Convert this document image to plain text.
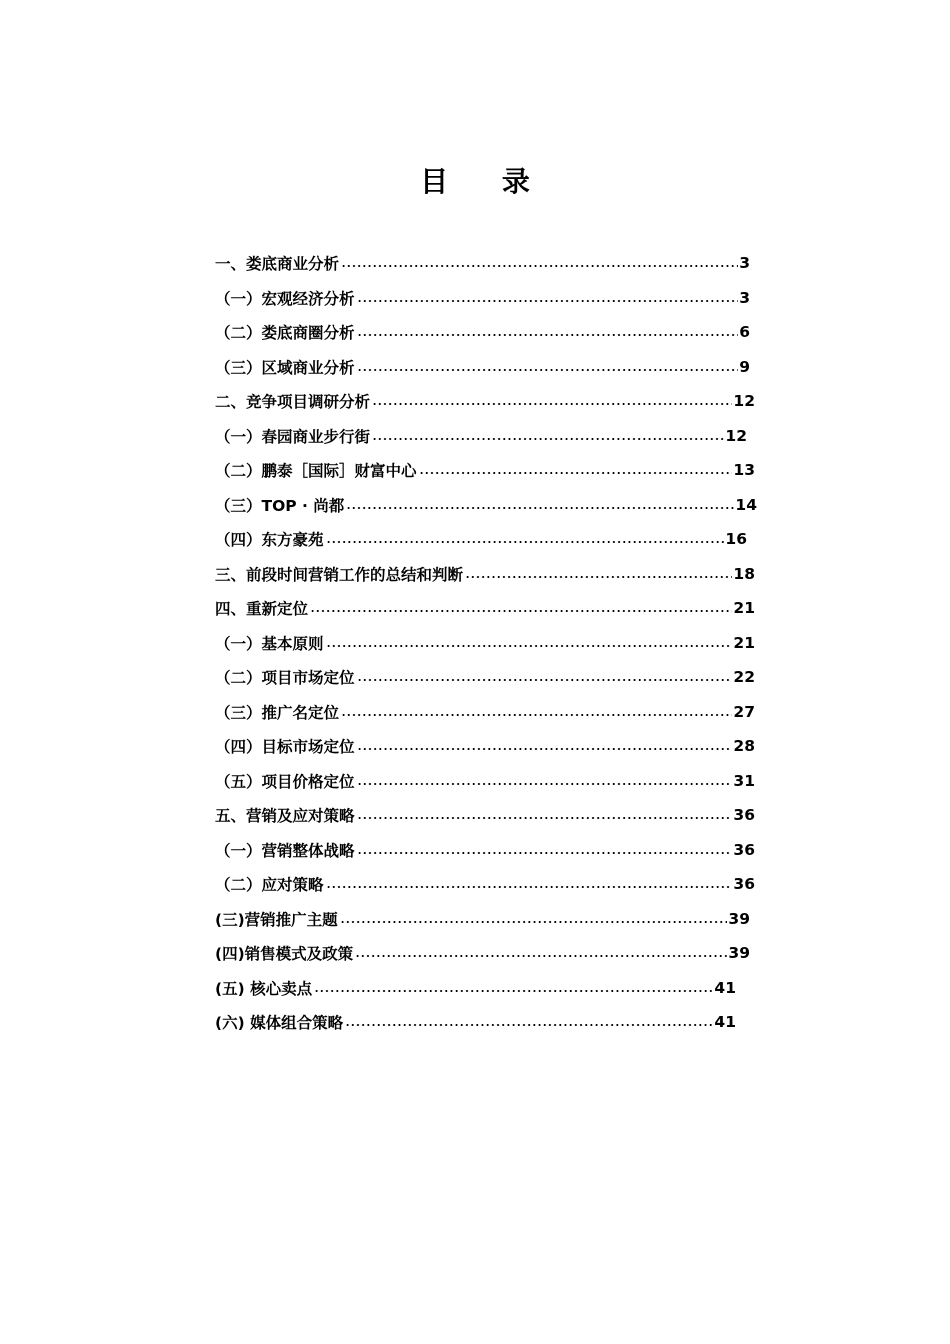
目 录
一、娄底商业分析	3
（一）宏观经济分析	3
（二）娄底商圈分析	6
（三）区域商业分析	9
二、竞争项目调研分析	12
（一）春园商业步行街	12
（二）鹏泰［国际］财富中心	13
（三）TOP · 尚都	14
（四）东方豪苑	16
三、前段时间营销工作的总结和判断	18
四、重新定位	21
（一）基本原则	21
（二）项目市场定位	22
（三）推广名定位	27
（四）目标市场定位	28
（五）项目价格定位	31
五、营销及应对策略	36
（一）营销整体战略	36
（二）应对策略	36
(三)营销推广主题	39
(四)销售模式及政策	39
(五) 核心卖点	41
(六) 媒体组合策略	41
